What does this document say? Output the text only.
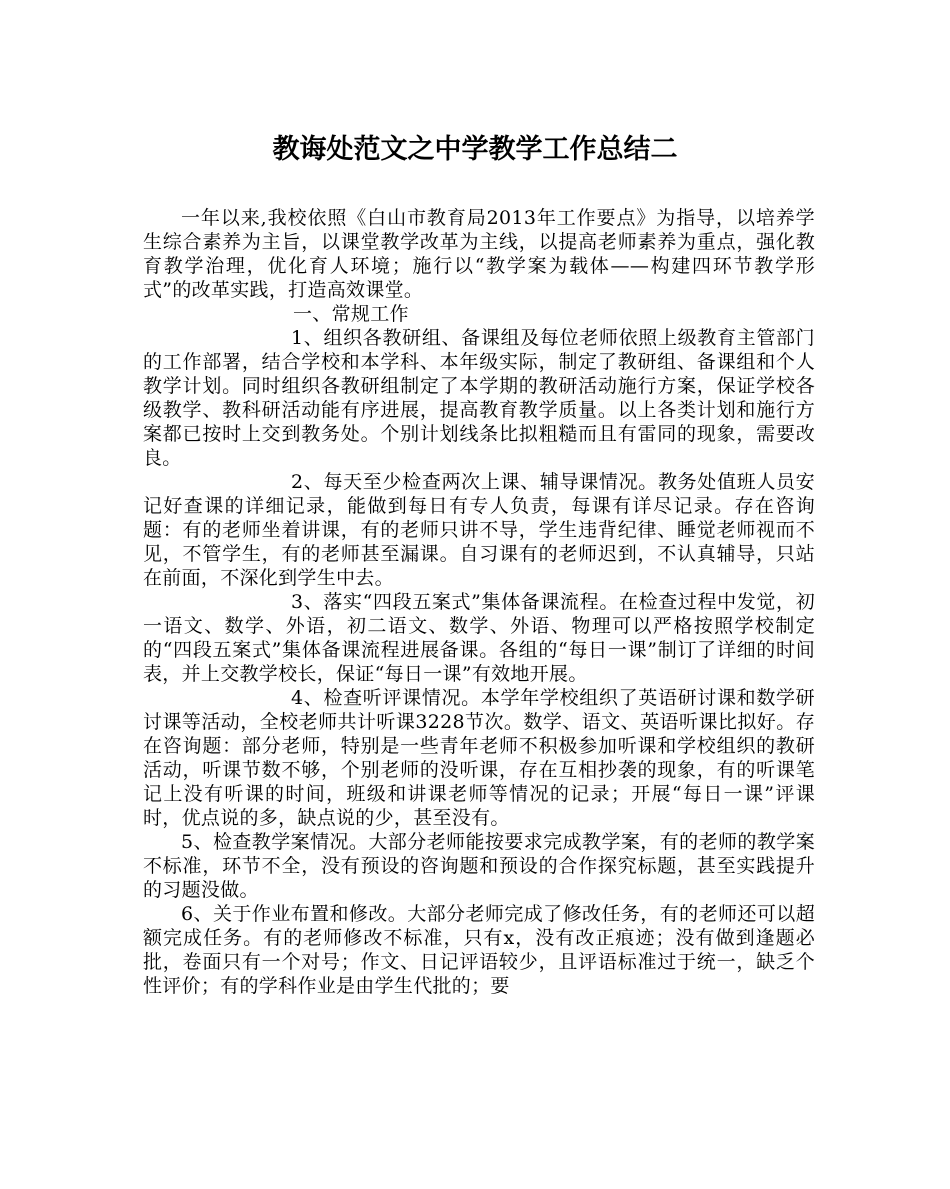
教诲处范文之中学教学工作总结二

一年以来,我校依照《白山市教育局2013年工作要点》为指导，以培养学生综合素养为主旨，以课堂教学改革为主线，以提高老师素养为重点，强化教育教学治理，优化育人环境；施行以“教学案为载体——构建四环节教学形式”的改革实践，打造高效课堂。

一、常规工作

1、组织各教研组、备课组及每位老师依照上级教育主管部门的工作部署，结合学校和本学科、本年级实际，制定了教研组、备课组和个人教学计划。同时组织各教研组制定了本学期的教研活动施行方案，保证学校各级教学、教科研活动能有序进展，提高教育教学质量。以上各类计划和施行方案都已按时上交到教务处。个别计划线条比拟粗糙而且有雷同的现象，需要改良。

2、每天至少检查两次上课、辅导课情况。教务处值班人员安记好查课的详细记录，能做到每日有专人负责，每课有详尽记录。存在咨询题：有的老师坐着讲课，有的老师只讲不导，学生违背纪律、睡觉老师视而不见，不管学生，有的老师甚至漏课。自习课有的老师迟到，不认真辅导，只站在前面，不深化到学生中去。

3、落实“四段五案式”集体备课流程。在检查过程中发觉，初一语文、数学、外语，初二语文、数学、外语、物理可以严格按照学校制定的“四段五案式”集体备课流程进展备课。各组的“每日一课”制订了详细的时间表，并上交教学校长，保证“每日一课”有效地开展。

4、检查听评课情况。本学年学校组织了英语研讨课和数学研讨课等活动，全校老师共计听课3228节次。数学、语文、英语听课比拟好。存在咨询题：部分老师，特别是一些青年老师不积极参加听课和学校组织的教研活动，听课节数不够，个别老师的没听课，存在互相抄袭的现象，有的听课笔记上没有听课的时间，班级和讲课老师等情况的记录；开展“每日一课”评课时，优点说的多，缺点说的少，甚至没有。

5、检查教学案情况。大部分老师能按要求完成教学案，有的老师的教学案不标准，环节不全，没有预设的咨询题和预设的合作探究标题，甚至实践提升的习题没做。

6、关于作业布置和修改。大部分老师完成了修改任务，有的老师还可以超额完成任务。有的老师修改不标准，只有x，没有改正痕迹；没有做到逢题必批，卷面只有一个对号；作文、日记评语较少，且评语标准过于统一，缺乏个性评价；有的学科作业是由学生代批的；要
